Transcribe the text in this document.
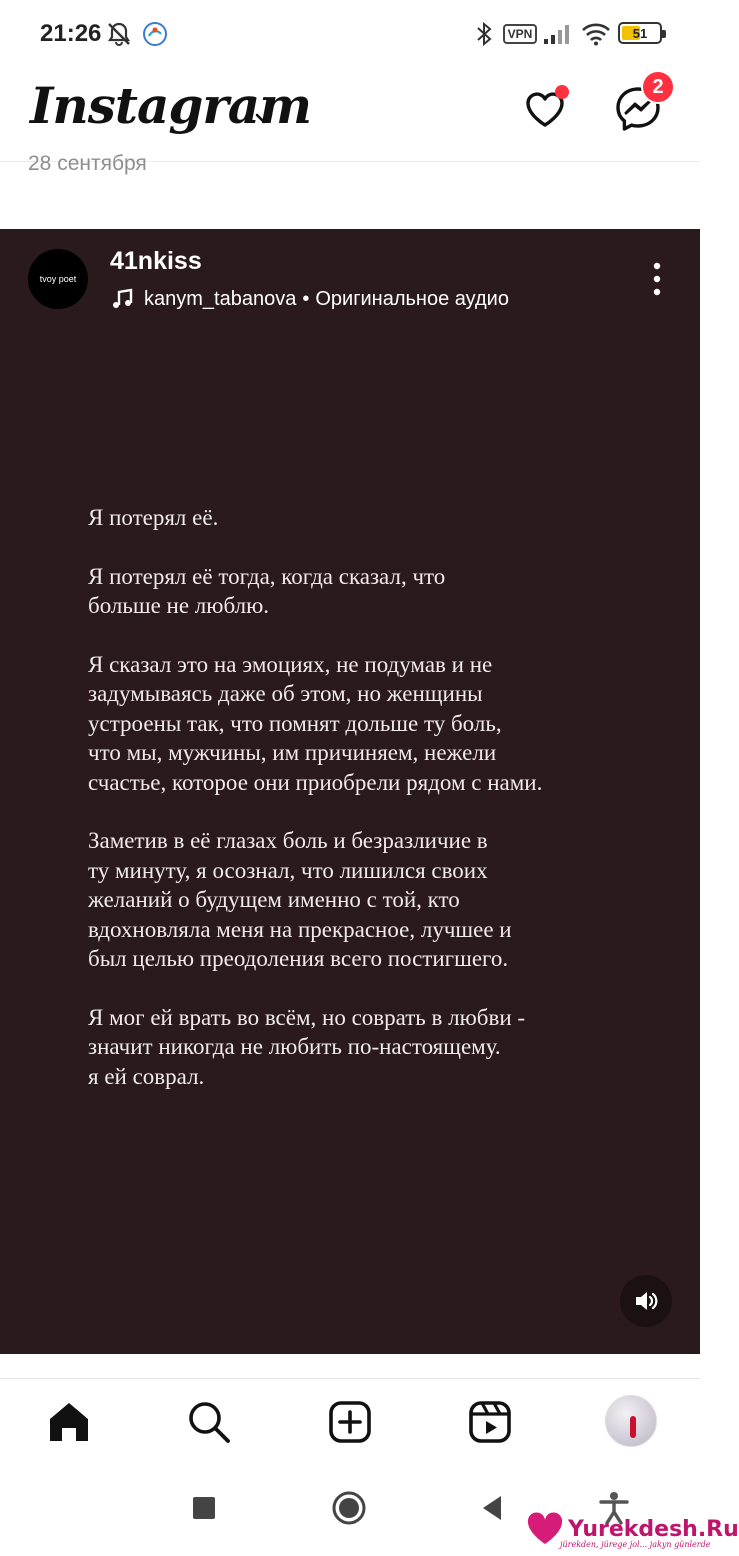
21:26	VPN	51
Instagram	2
28 сентября
tvoy poet
41nkiss
kanym_tabanova • Оригинальное аудио
Я потерял её.
Я потерял её тогда, когда сказал, что
больше не люблю.
Я сказал это на эмоциях, не подумав и не
задумываясь даже об этом, но женщины
устроены так, что помнят дольше ту боль,
что мы, мужчины, им причиняем, нежели
счастье, которое они приобрели рядом с нами.
Заметив в её глазах боль и безразличие в
ту минуту, я осознал, что лишился своих
желаний о будущем именно с той, кто
вдохновляла меня на прекрасное, лучшее и
был целью преодоления всего постигшего.
Я мог ей врать во всём, но соврать в любви -
значит никогда не любить по-настоящему.
я ей соврал.
Yurekdesh.Ru
jürekden, jürege jol... jakyn günlerde
